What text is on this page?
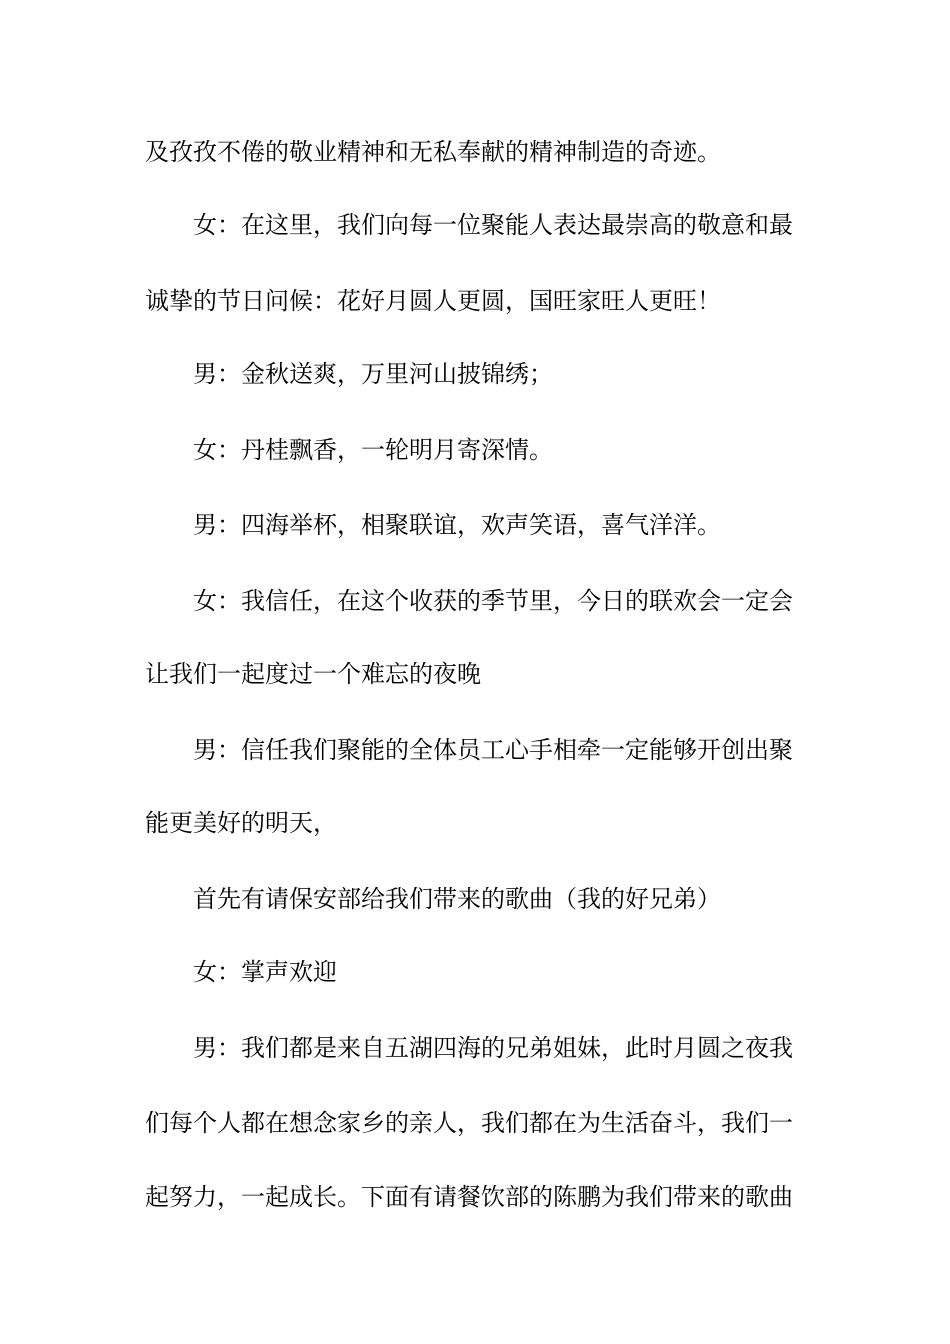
及孜孜不倦的敬业精神和无私奉献的精神制造的奇迹。
女：在这里，我们向每一位聚能人表达最崇高的敬意和最
诚挚的节日问候：花好月圆人更圆，国旺家旺人更旺！
男：金秋送爽，万里河山披锦绣；
女：丹桂飘香，一轮明月寄深情。
男：四海举杯，相聚联谊，欢声笑语，喜气洋洋。
女：我信任，在这个收获的季节里，今日的联欢会一定会
让我们一起度过一个难忘的夜晚
男：信任我们聚能的全体员工心手相牵一定能够开创出聚
能更美好的明天，
首先有请保安部给我们带来的歌曲（我的好兄弟）
女：掌声欢迎
男：我们都是来自五湖四海的兄弟姐妹，此时月圆之夜我
们每个人都在想念家乡的亲人，我们都在为生活奋斗，我们一
起努力，一起成长。下面有请餐饮部的陈鹏为我们带来的歌曲
